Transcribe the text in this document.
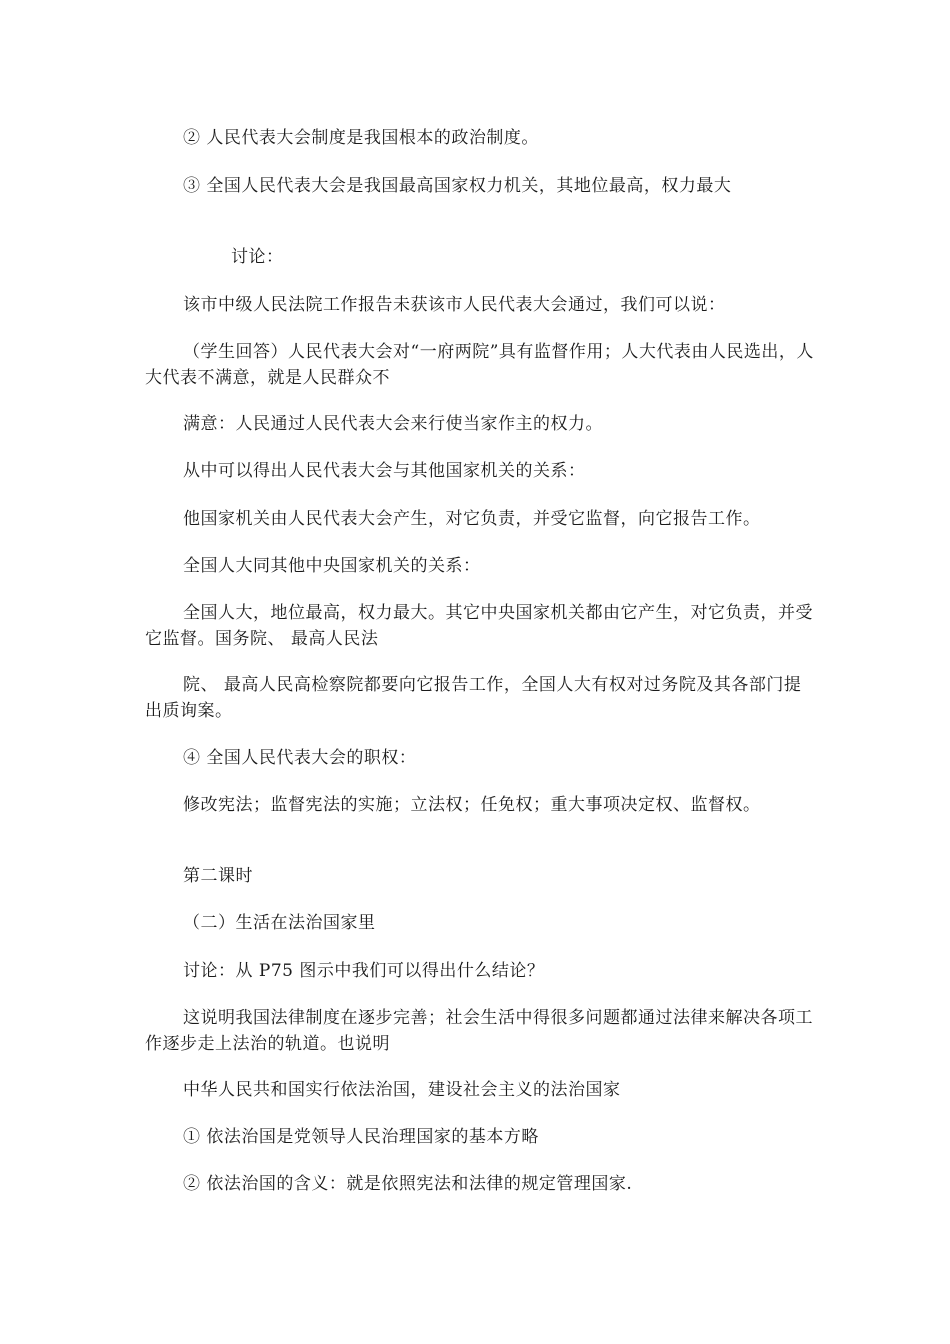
② 人民代表大会制度是我国根本的政治制度。

③ 全国人民代表大会是我国最高国家权力机关，其地位最高，权力最大

讨论：

该市中级人民法院工作报告未获该市人民代表大会通过，我们可以说：

（学生回答）人民代表大会对“一府两院”具有监督作用；人大代表由人民选出，人大代表不满意，就是人民群众不

满意：人民通过人民代表大会来行使当家作主的权力。

从中可以得出人民代表大会与其他国家机关的关系：

他国家机关由人民代表大会产生，对它负责，并受它监督，向它报告工作。

全国人大同其他中央国家机关的关系：

全国人大，地位最高，权力最大。其它中央国家机关都由它产生，对它负责，并受它监督。国务院、 最高人民法

院、 最高人民高检察院都要向它报告工作，全国人大有权对过务院及其各部门提出质询案。

④ 全国人民代表大会的职权：

修改宪法；监督宪法的实施；立法权；任免权；重大事项决定权、监督权。

第二课时

（二）生活在法治国家里

讨论：从 P75 图示中我们可以得出什么结论？

这说明我国法律制度在逐步完善；社会生活中得很多问题都通过法律来解决各项工作逐步走上法治的轨道。也说明

中华人民共和国实行依法治国，建设社会主义的法治国家

① 依法治国是党领导人民治理国家的基本方略

② 依法治国的含义：就是依照宪法和法律的规定管理国家.
